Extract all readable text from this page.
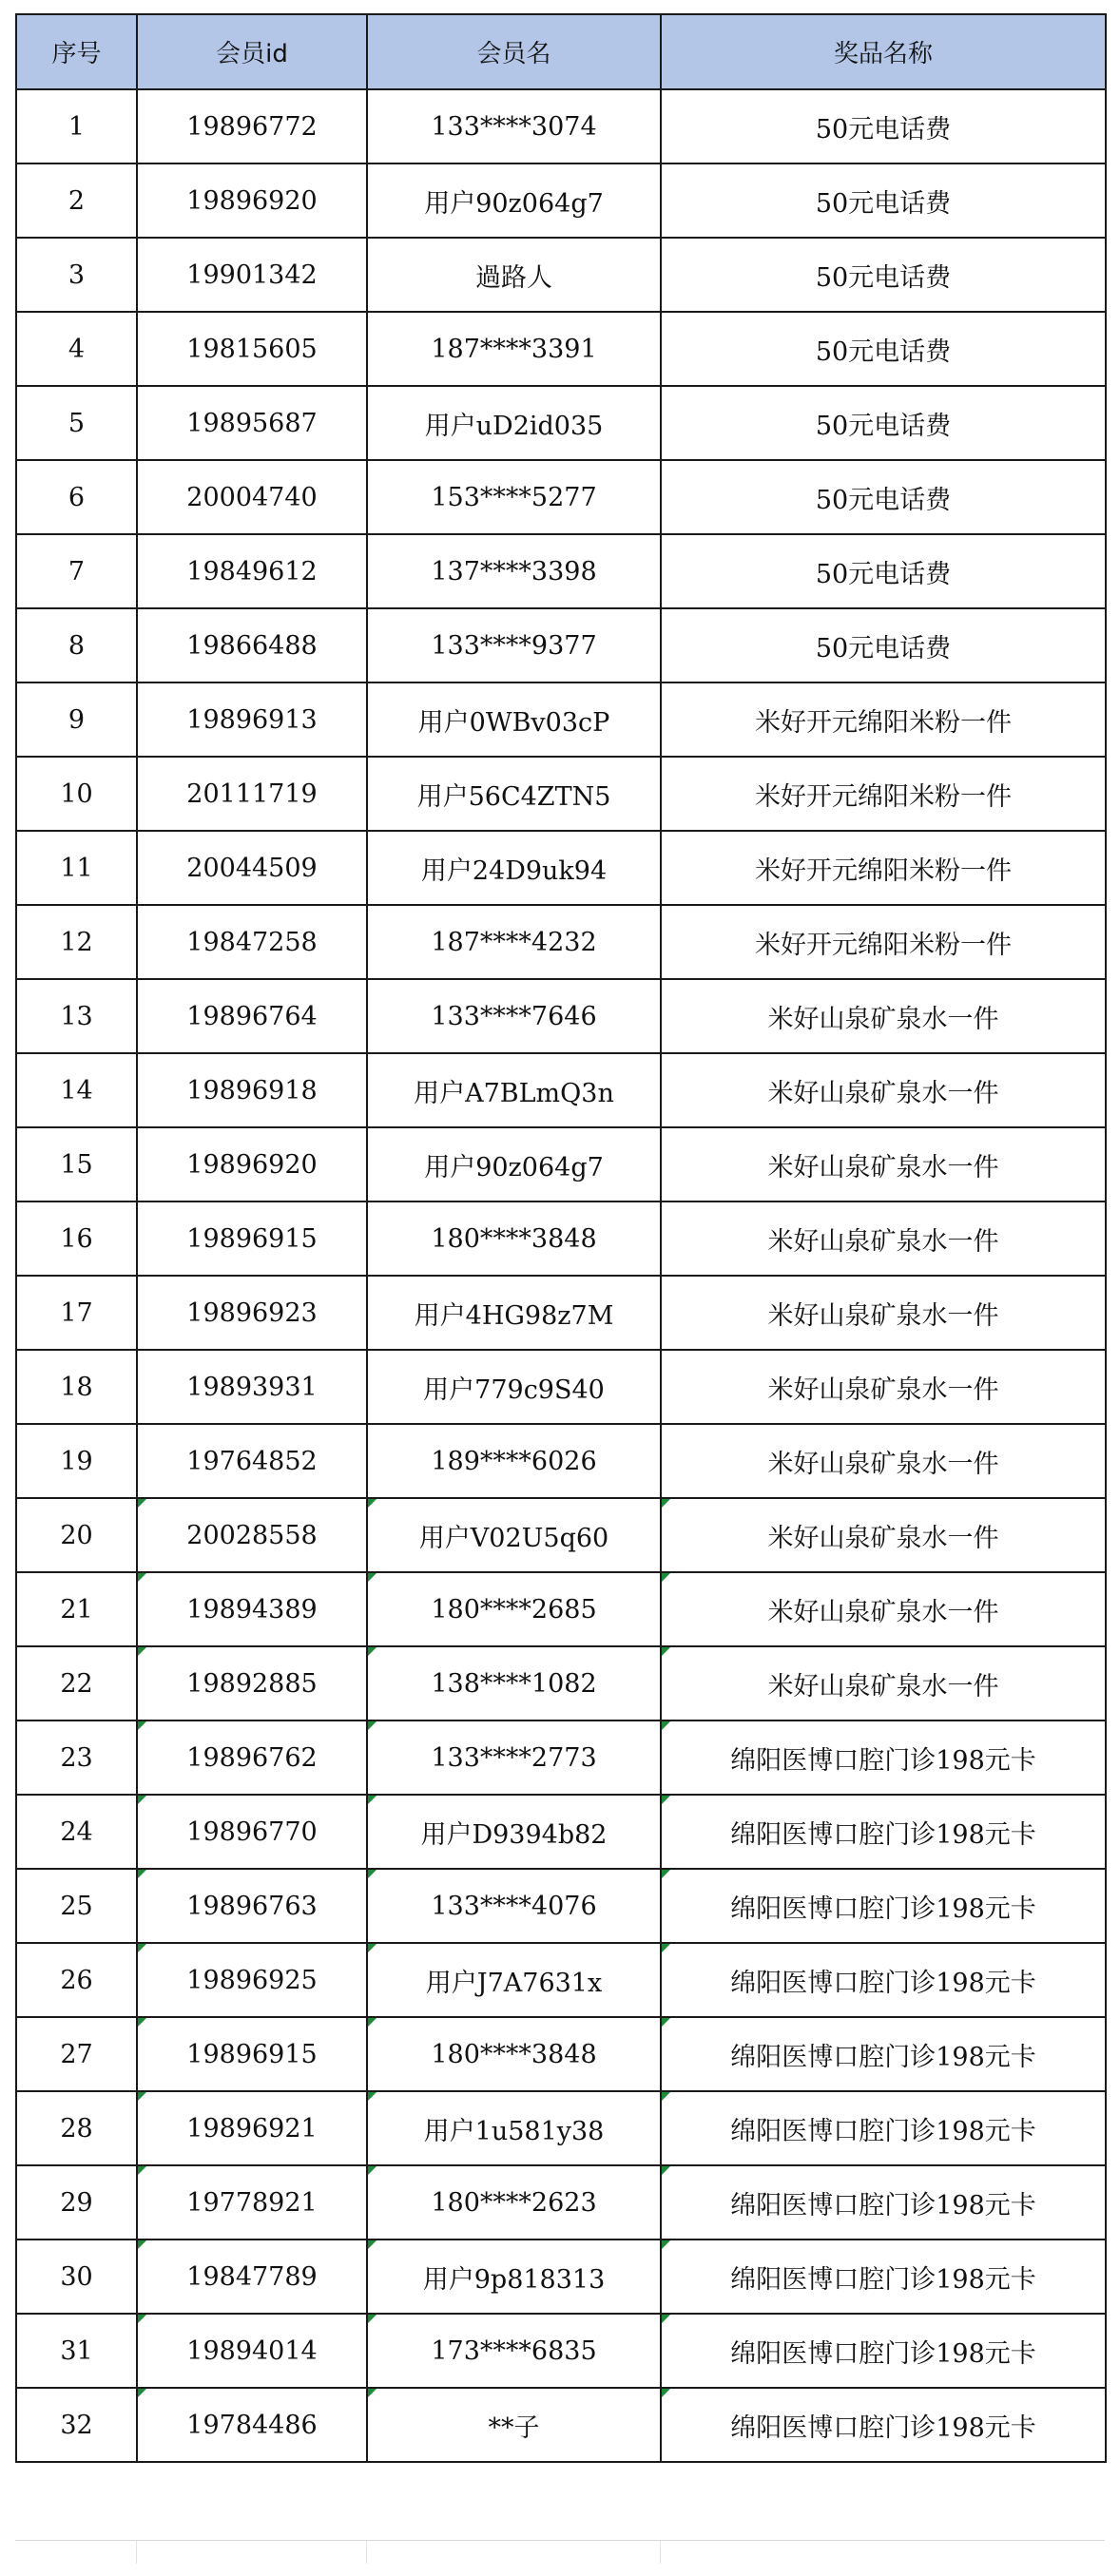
序号	会员id	会员名	奖品名称
1	19896772	133****3074	50元电话费
2	19896920	用户90z064g7	50元电话费
3	19901342	過路人	50元电话费
4	19815605	187****3391	50元电话费
5	19895687	用户uD2id035	50元电话费
6	20004740	153****5277	50元电话费
7	19849612	137****3398	50元电话费
8	19866488	133****9377	50元电话费
9	19896913	用户0WBv03cP	米好开元绵阳米粉一件
10	20111719	用户56C4ZTN5	米好开元绵阳米粉一件
11	20044509	用户24D9uk94	米好开元绵阳米粉一件
12	19847258	187****4232	米好开元绵阳米粉一件
13	19896764	133****7646	米好山泉矿泉水一件
14	19896918	用户A7BLmQ3n	米好山泉矿泉水一件
15	19896920	用户90z064g7	米好山泉矿泉水一件
16	19896915	180****3848	米好山泉矿泉水一件
17	19896923	用户4HG98z7M	米好山泉矿泉水一件
18	19893931	用户779c9S40	米好山泉矿泉水一件
19	19764852	189****6026	米好山泉矿泉水一件
20	20028558	用户V02U5q60	米好山泉矿泉水一件
21	19894389	180****2685	米好山泉矿泉水一件
22	19892885	138****1082	米好山泉矿泉水一件
23	19896762	133****2773	绵阳医博口腔门诊198元卡
24	19896770	用户D9394b82	绵阳医博口腔门诊198元卡
25	19896763	133****4076	绵阳医博口腔门诊198元卡
26	19896925	用户J7A7631x	绵阳医博口腔门诊198元卡
27	19896915	180****3848	绵阳医博口腔门诊198元卡
28	19896921	用户1u581y38	绵阳医博口腔门诊198元卡
29	19778921	180****2623	绵阳医博口腔门诊198元卡
30	19847789	用户9p818313	绵阳医博口腔门诊198元卡
31	19894014	173****6835	绵阳医博口腔门诊198元卡
32	19784486	**子	绵阳医博口腔门诊198元卡
